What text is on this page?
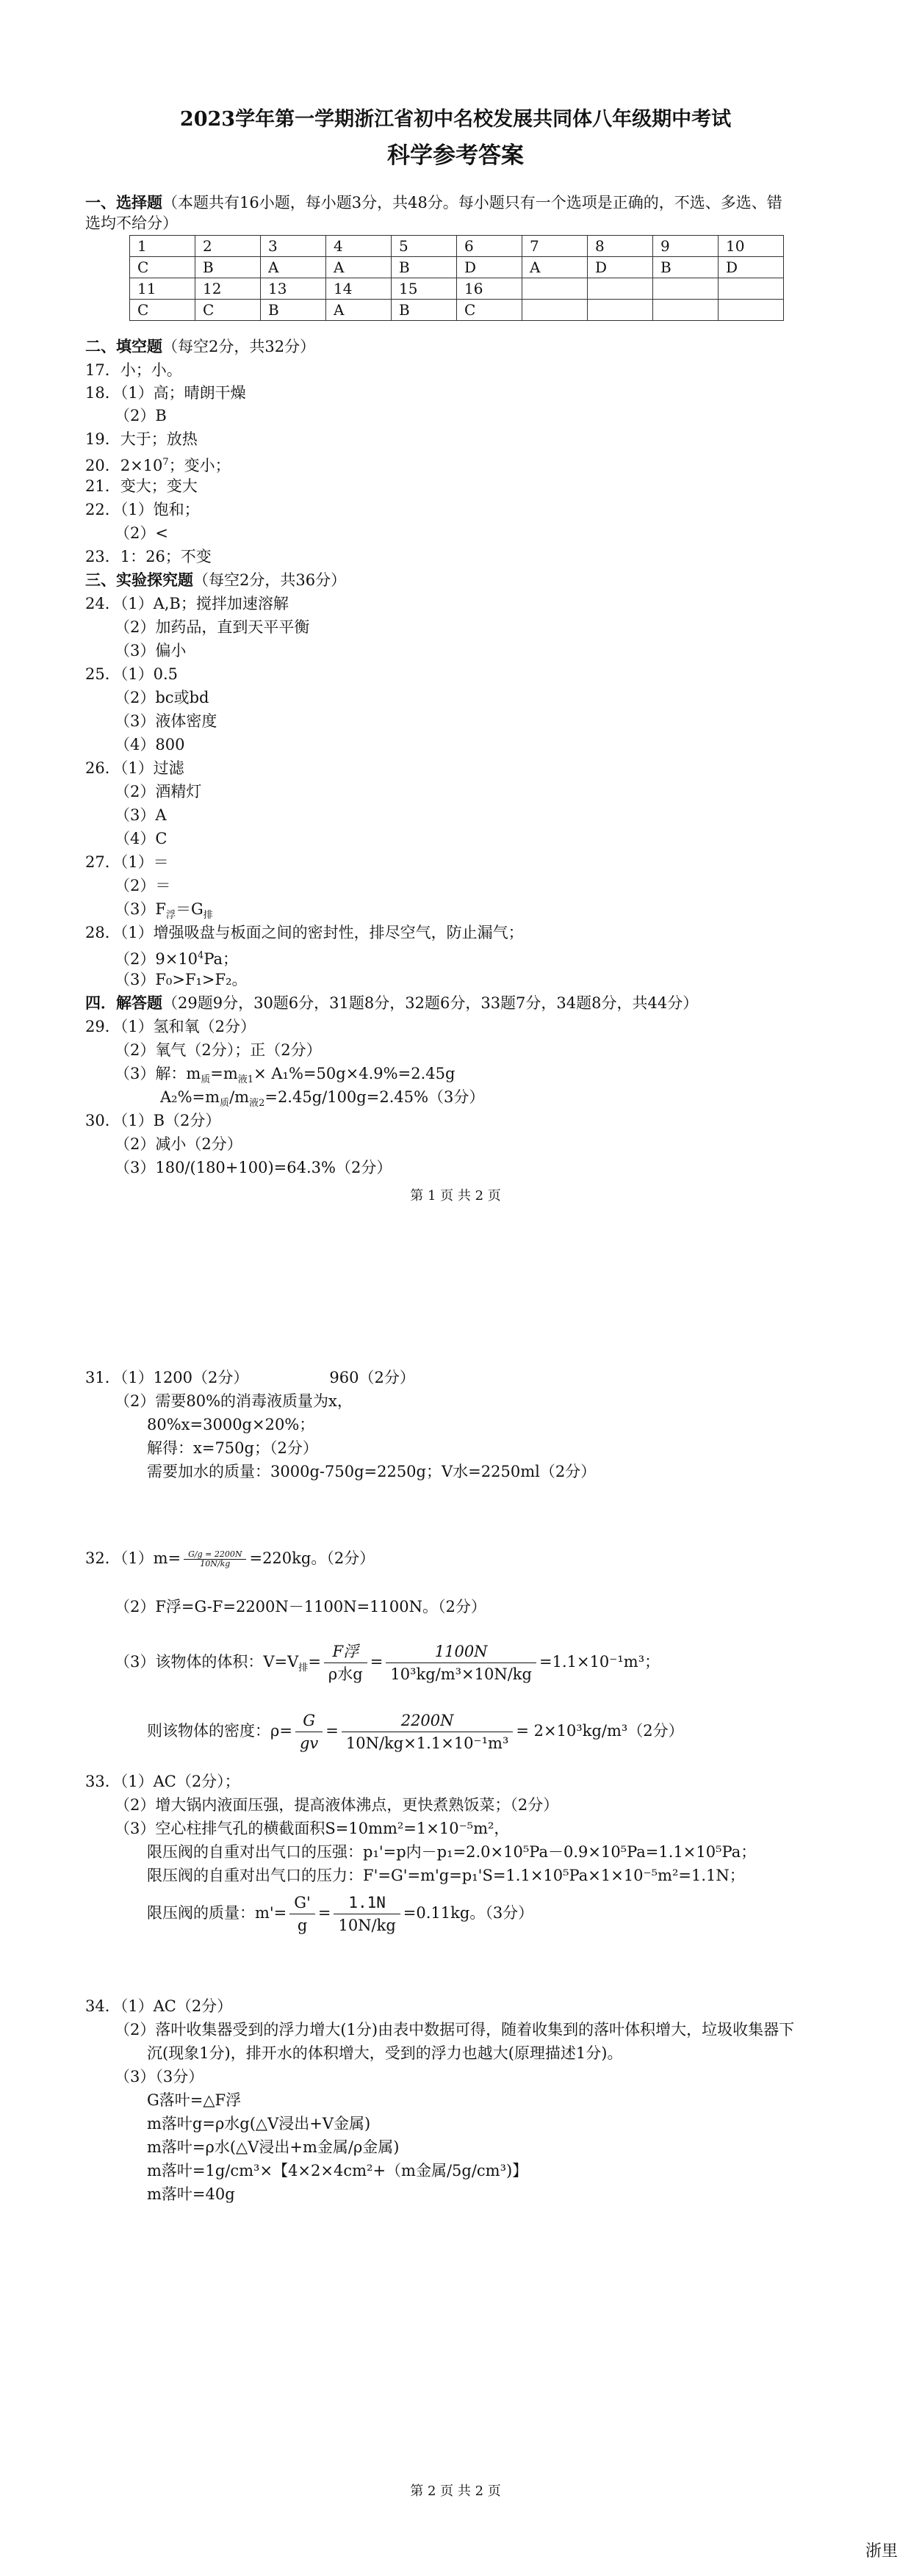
2023学年第一学期浙江省初中名校发展共同体八年级期中考试
科学参考答案
一、选择题（本题共有16小题，每小题3分，共48分。每小题只有一个选项是正确的，不选、多选、错
选均不给分）
1	2	3	4	5	6	7	8	9	10
C	B	A	A	B	D	A	D	B	D
11	12	13	14	15	16				
C	C	B	A	B	C				
二、填空题（每空2分，共32分）
17．小；小。
18．（1）高；晴朗干燥
（2）B
19．大于；放热
20．$2\times 10^7$；变小；
21．变大；变大
22．（1）饱和；
（2）<
23．1：26；不变
三、实验探究题（每空2分，共36分）
24．（1）A,B；搅拌加速溶解
（2）加药品，直到天平平衡
（3）偏小
25．（1）0.5
（2）bc或bd
（3）液体密度
（4）800
26．（1）过滤
（2）酒精灯
（3）A
（4）C
27．（1）＝
（2）＝
$(3)F_浮=G_排$
28．（1）增强吸盘与板面之间的密封性，排尽空气，防止漏气；
$(2)9\times 10^4Pa$；
（3）F₀>F₁>F₂。
四．解答题（29题9分，30题6分，31题8分，32题6分，33题7分，34题8分，共44分）
29．（1）氢和氧（2分）
（2）氧气（2分）；正（2分）
（3）解：$m_质=m_{液1}\times A_1\%=50g\times 4.9\%=2.45g$
$A_2\%=m_质/m_{液2}=2.45g/100g=2.45\%(3$分）
30．（1）B（2分）
（2）减小（2分）
（3）180/(180+100)=64.3%（2分）
第 1 页 共 2 页
31．（1）1200（2分）	960（2分）
（2）需要80%的消毒液质量为x，
80%x=3000g×20%；
解得：x=750g；（2分）
需要加水的质量：3000g-750g=2250g；V水=2250ml（2分）
32．$(1)m= \frac{G/g = 2200N}{10N/kg} =220kg$。（2分）
（2）F浮=G-F=2200N－1100N=1100N。（2分）
（3）该物体的体积：$V=V_排= \frac{\text{F浮}}{\text{ρ水g}} = \frac{1100N}{\text{10³kg/m³×10N/kg}} =1.1\times 10^{-1}m^3$；
则该物体的密度：$\rho= \frac{G}{gv} = \frac{2200N}{\text{10N/kg×1.1×10⁻¹m³}} = 2\times 10^3kg/m^3(2$分）
33．（1）AC（2分）；
（2）增大锅内液面压强，提高液体沸点，更快煮熟饭菜；（2分）
（3）空心柱排气孔的横截面积S=10mm²=1×10⁻⁵m²，
限压阀的自重对出气口的压强：p₁'=p内－p₁=2.0×10⁵Pa－0.9×10⁵Pa=1.1×10⁵Pa；
限压阀的自重对出气口的压力：F'=G'=m'g=p₁'S=1.1×10⁵Pa×1×10⁻⁵m²=1.1N；
限压阀的质量：$m'= \frac{G'}{g} = \frac{1.1N}{10N/kg} =0.11kg$。（3分）
34．（1）AC（2分）
（2）落叶收集器受到的浮力增大(1分)由表中数据可得，随着收集到的落叶体积增大，垃圾收集器下
沉(现象1分)，排开水的体积增大，受到的浮力也越大(原理描述1分)。
（3）（3分）
G落叶=△F浮
m落叶g=ρ水g(△V浸出+V金属)
m落叶=ρ水(△V浸出+m金属/ρ金属)
m落叶=1g/cm³×【4×2×4cm²+（m金属/5g/cm³)】
m落叶=40g
第 2 页 共 2 页
浙里
